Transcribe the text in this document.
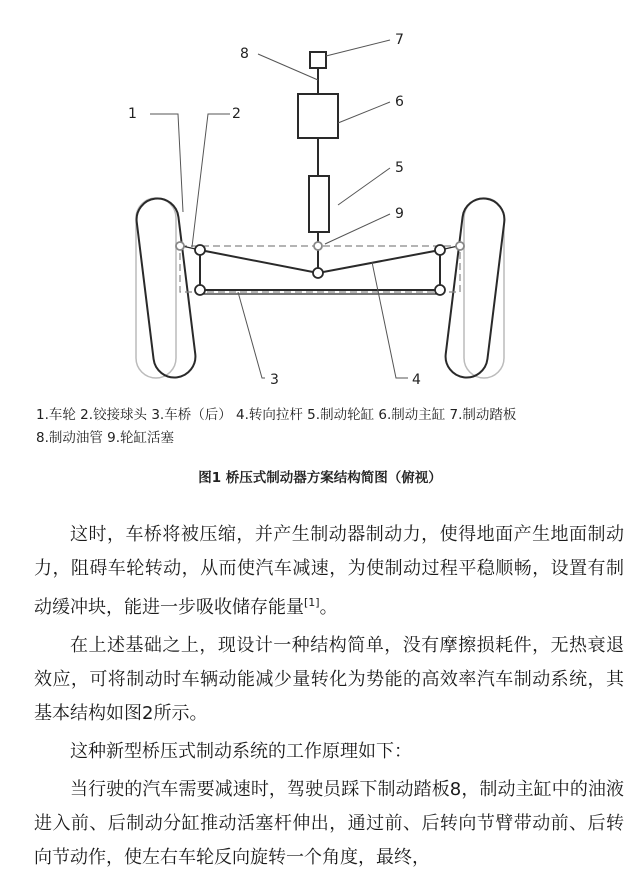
1	2
3	4
5
6
7
8
9
1.车轮 2.铰接球头 3.车桥（后） 4.转向拉杆 5.制动轮缸 6.制动主缸 7.制动踏板
8.制动油管 9.轮缸活塞
图1 桥压式制动器方案结构简图（俯视）

这时，车桥将被压缩，并产生制动器制动力，使得地面产生地面制动力，阻碍车轮转动，从而使汽车减速，为使制动过程平稳顺畅，设置有制动缓冲块，能进一步吸收储存能量[1]。

在上述基础之上，现设计一种结构简单，没有摩擦损耗件，无热衰退效应，可将制动时车辆动能减少量转化为势能的高效率汽车制动系统，其基本结构如图2所示。

这种新型桥压式制动系统的工作原理如下：

当行驶的汽车需要减速时，驾驶员踩下制动踏板8，制动主缸中的油液进入前、后制动分缸推动活塞杆伸出，通过前、后转向节臂带动前、后转向节动作，使左右车轮反向旋转一个角度，最终，
